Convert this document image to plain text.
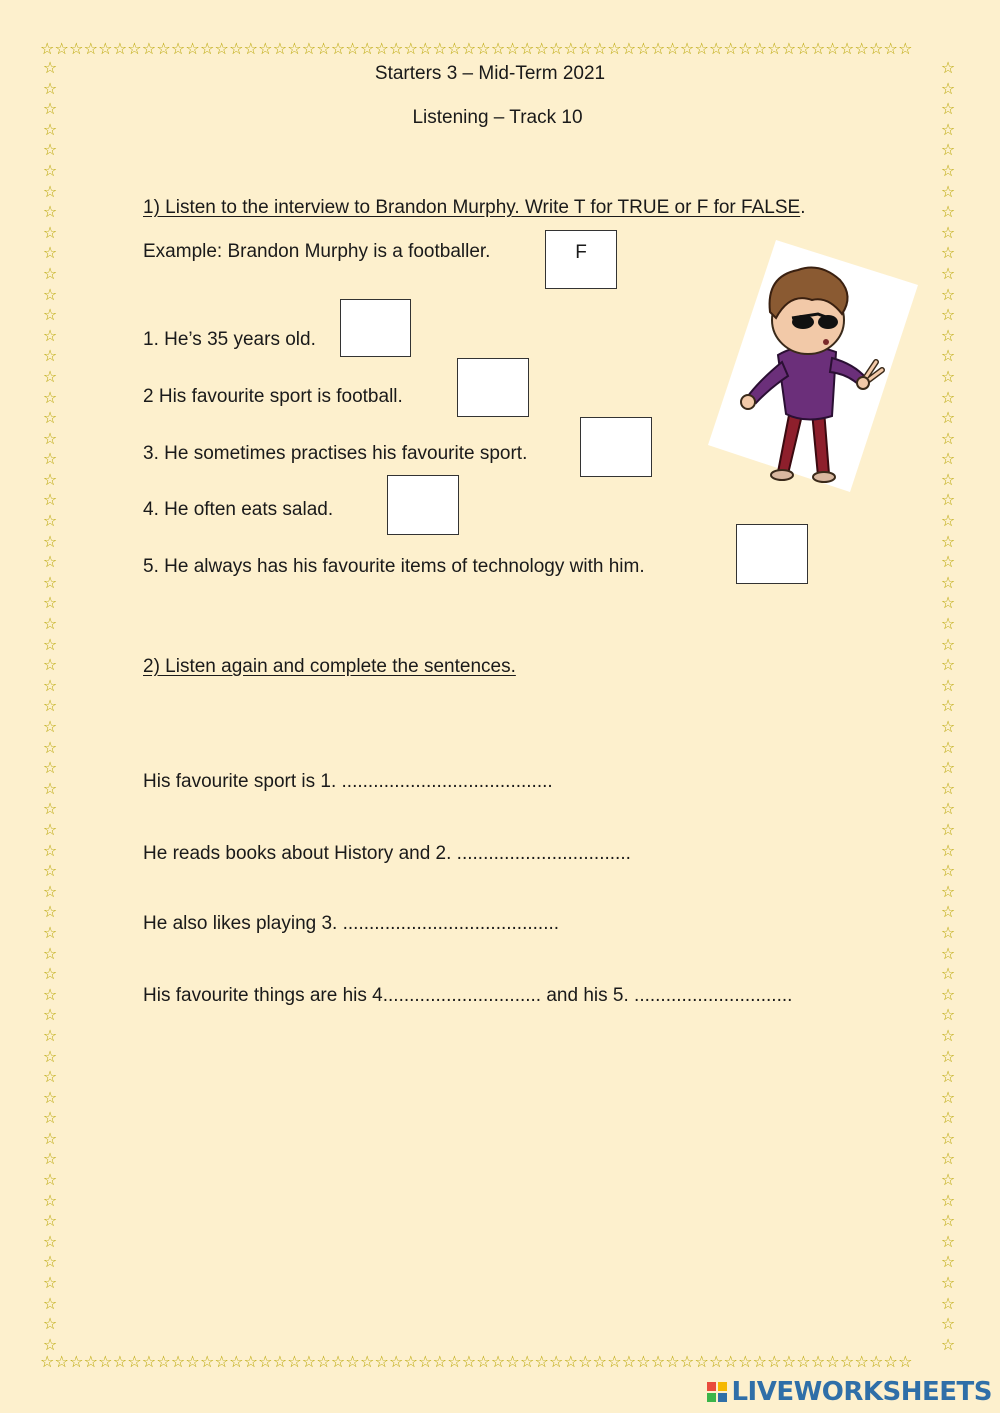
☆☆☆☆☆☆☆☆☆☆☆☆☆☆☆☆☆☆☆☆☆☆☆☆☆☆☆☆☆☆☆☆☆☆☆☆☆☆☆☆☆☆☆☆☆☆☆☆☆☆☆☆☆☆☆☆☆☆☆☆
☆☆☆☆☆☆☆☆☆☆☆☆☆☆☆☆☆☆☆☆☆☆☆☆☆☆☆☆☆☆☆☆☆☆☆☆☆☆☆☆☆☆☆☆☆☆☆☆☆☆☆☆☆☆☆☆☆☆☆☆
☆
☆
☆
☆
☆
☆
☆
☆
☆
☆
☆
☆
☆
☆
☆
☆
☆
☆
☆
☆
☆
☆
☆
☆
☆
☆
☆
☆
☆
☆
☆
☆
☆
☆
☆
☆
☆
☆
☆
☆
☆
☆
☆
☆
☆
☆
☆
☆
☆
☆
☆
☆
☆
☆
☆
☆
☆
☆
☆
☆
☆
☆
☆

☆
☆
☆
☆
☆
☆
☆
☆
☆
☆
☆
☆
☆
☆
☆
☆
☆
☆
☆
☆
☆
☆
☆
☆
☆
☆
☆
☆
☆
☆
☆
☆
☆
☆
☆
☆
☆
☆
☆
☆
☆
☆
☆
☆
☆
☆
☆
☆
☆
☆
☆
☆
☆
☆
☆
☆
☆
☆
☆
☆
☆
☆
☆

Starters 3 – Mid-Term 2021
Listening – Track 10
1) Listen to the interview to Brandon Murphy. Write T for TRUE or F for FALSE.
Example: Brandon Murphy is a footballer.	F
1. He’s 35 years old.
2 His favourite sport is football.
3. He sometimes practises his favourite sport.
4. He often eats salad.
5. He always has his favourite items of technology with him.
2) Listen again and complete the sentences.
His favourite sport is 1. ........................................
He reads books about History and 2. .................................
He also likes playing 3. .........................................
His favourite things are his 4.............................. and his 5. ..............................
LIVEWORKSHEETS
